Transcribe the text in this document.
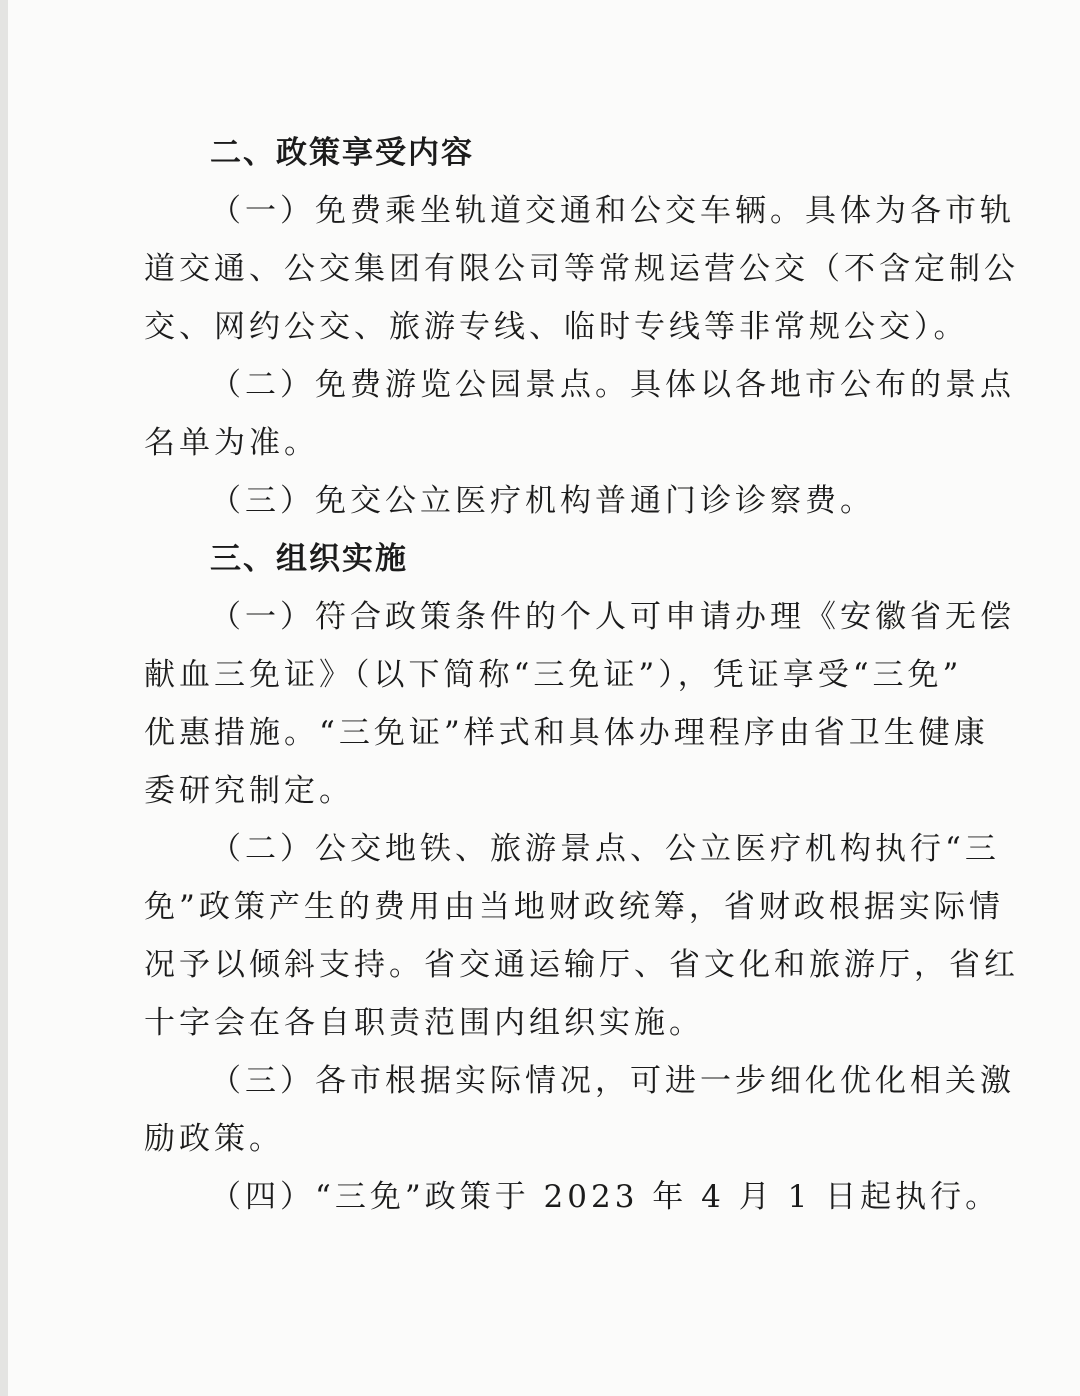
二、政策享受内容

（一）免费乘坐轨道交通和公交车辆。具体为各市轨
道交通、公交集团有限公司等常规运营公交（不含定制公
交、网约公交、旅游专线、临时专线等非常规公交）。

（二）免费游览公园景点。具体以各地市公布的景点
名单为准。

（三）免交公立医疗机构普通门诊诊察费。

三、组织实施

（一）符合政策条件的个人可申请办理《安徽省无偿
献血三免证》（以下简称“三免证”），凭证享受“三免”
优惠措施。“三免证”样式和具体办理程序由省卫生健康
委研究制定。

（二）公交地铁、旅游景点、公立医疗机构执行“三
免”政策产生的费用由当地财政统筹，省财政根据实际情
况予以倾斜支持。省交通运输厅、省文化和旅游厅，省红
十字会在各自职责范围内组织实施。

（三）各市根据实际情况，可进一步细化优化相关激
励政策。

（四）“三免”政策于 2023 年 4 月 1 日起执行。
